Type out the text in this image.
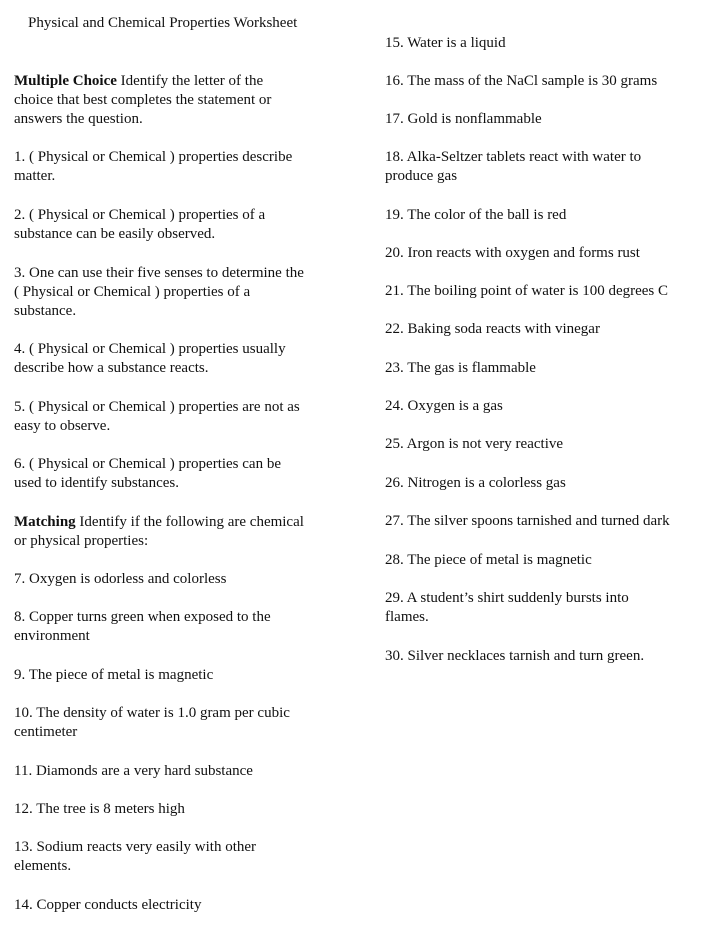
Physical and Chemical Properties Worksheet
Multiple Choice Identify the letter of the
choice that best completes the statement or
answers the question.
1. ( Physical or Chemical ) properties describe
matter.
2. ( Physical or Chemical ) properties of a
substance can be easily observed.
3. One can use their five senses to determine the
( Physical or Chemical ) properties of a
substance.
4. ( Physical or Chemical ) properties usually
describe how a substance reacts.
5. ( Physical or Chemical ) properties are not as
easy to observe.
6. ( Physical or Chemical ) properties can be
used to identify substances.
Matching Identify if the following are chemical
or physical properties:
7. Oxygen is odorless and colorless
8. Copper turns green when exposed to the
environment
9. The piece of metal is magnetic
10. The density of water is 1.0 gram per cubic
centimeter
11. Diamonds are a very hard substance
12. The tree is 8 meters high
13. Sodium reacts very easily with other
elements.
14. Copper conducts electricity
15. Water is a liquid
16. The mass of the NaCl sample is 30 grams
17. Gold is nonflammable
18. Alka-Seltzer tablets react with water to
produce gas
19. The color of the ball is red
20. Iron reacts with oxygen and forms rust
21. The boiling point of water is 100 degrees C
22. Baking soda reacts with vinegar
23. The gas is flammable
24. Oxygen is a gas
25. Argon is not very reactive
26. Nitrogen is a colorless gas
27. The silver spoons tarnished and turned dark
28. The piece of metal is magnetic
29. A student’s shirt suddenly bursts into
flames.
30. Silver necklaces tarnish and turn green.
